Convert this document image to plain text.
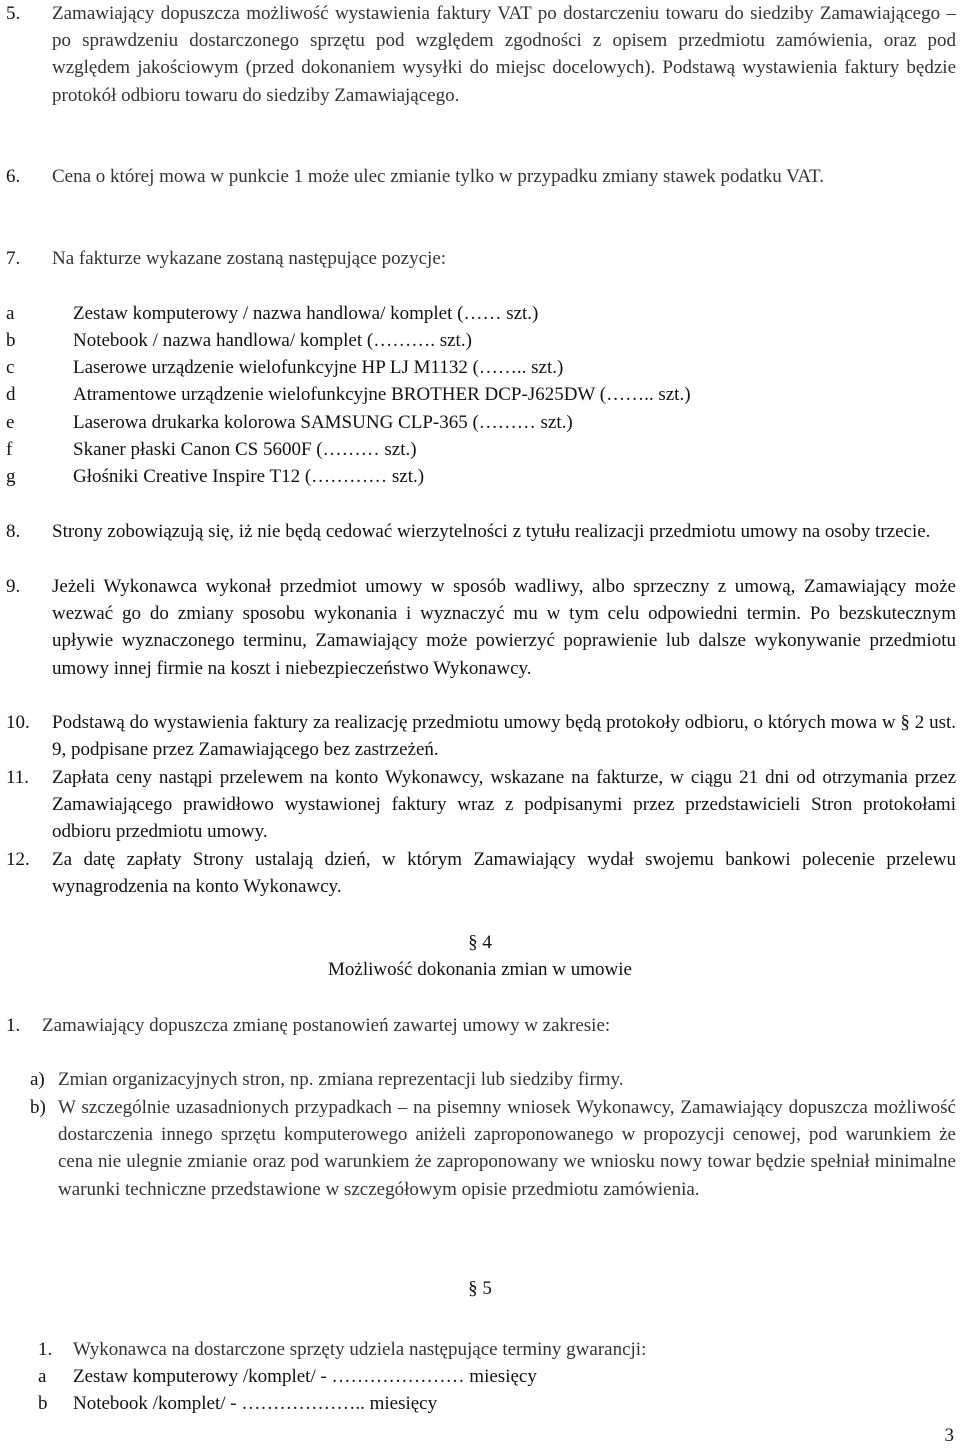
5. Zamawiający dopuszcza możliwość wystawienia faktury VAT po dostarczeniu towaru do siedziby Zamawiającego – po sprawdzeniu dostarczonego sprzętu pod względem zgodności z opisem przedmiotu zamówienia, oraz pod względem jakościowym (przed dokonaniem wysyłki do miejsc docelowych). Podstawą wystawienia faktury będzie protokół odbioru towaru do siedziby Zamawiającego.
6. Cena o której mowa w punkcie 1 może ulec zmianie tylko w przypadku zmiany stawek podatku VAT.
7. Na fakturze wykazane zostaną następujące pozycje:
a	Zestaw komputerowy / nazwa handlowa/ komplet (…… szt.)
b	Notebook / nazwa handlowa/ komplet (………. szt.)
c	Laserowe urządzenie wielofunkcyjne HP LJ M1132 (…….. szt.)
d	Atramentowe urządzenie wielofunkcyjne BROTHER DCP-J625DW (…….. szt.)
e	Laserowa drukarka kolorowa SAMSUNG CLP-365 (……… szt.)
f	Skaner płaski Canon CS 5600F (……… szt.)
g	Głośniki Creative Inspire T12 (………… szt.)
8. Strony zobowiązują się, iż nie będą cedować wierzytelności z tytułu realizacji przedmiotu umowy na osoby trzecie.
9. Jeżeli Wykonawca wykonał przedmiot umowy w sposób wadliwy, albo sprzeczny z umową, Zamawiający może wezwać go do zmiany sposobu wykonania i wyznaczyć mu w tym celu odpowiedni termin. Po bezskutecznym upływie wyznaczonego terminu, Zamawiający może powierzyć poprawienie lub dalsze wykonywanie przedmiotu umowy innej firmie na koszt i niebezpieczeństwo Wykonawcy.
10. Podstawą do wystawienia faktury za realizację przedmiotu umowy będą protokoły odbioru, o których mowa w § 2 ust. 9, podpisane przez Zamawiającego bez zastrzeżeń.
11. Zapłata ceny nastąpi przelewem na konto Wykonawcy, wskazane na fakturze, w ciągu 21 dni od otrzymania przez Zamawiającego prawidłowo wystawionej faktury wraz z podpisanymi przez przedstawicieli Stron protokołami odbioru przedmiotu umowy.
12. Za datę zapłaty Strony ustalają dzień, w którym Zamawiający wydał swojemu bankowi polecenie przelewu wynagrodzenia na konto Wykonawcy.
§ 4
Możliwość dokonania zmian w umowie
1. Zamawiający dopuszcza zmianę postanowień zawartej umowy w zakresie:
a) Zmian organizacyjnych stron, np. zmiana reprezentacji lub siedziby firmy.
b) W szczególnie uzasadnionych przypadkach – na pisemny wniosek Wykonawcy, Zamawiający dopuszcza możliwość dostarczenia innego sprzętu komputerowego aniżeli zaproponowanego w propozycji cenowej, pod warunkiem że cena nie ulegnie zmianie oraz pod warunkiem że zaproponowany we wniosku nowy towar będzie spełniał minimalne warunki techniczne przedstawione w szczegółowym opisie przedmiotu zamówienia.
§ 5
1. Wykonawca na dostarczone sprzęty udziela następujące terminy gwarancji:
a Zestaw komputerowy /komplet/ - ………………… miesięcy
b Notebook /komplet/ - ……………….. miesięcy
3
